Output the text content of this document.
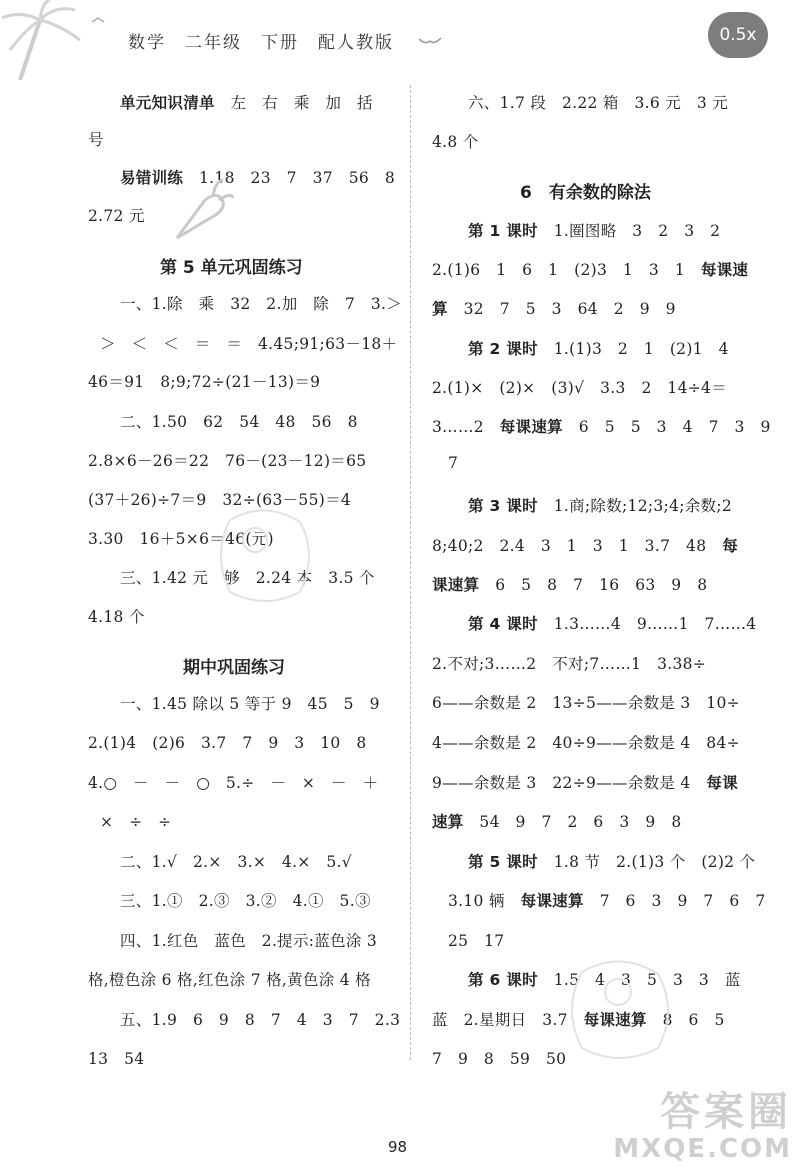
数学　二年级　下册　配人教版	0.5x
单元知识清单　 左　右　乘　加　括
号
易错训练　 1.18　23　7　37　56　8
2.72 元
第 5 单元巩固练习
一、1.除　乘　32　2.加　除　7　3.＞
＞　＜　＜　＝　＝　4.45;91;63－18＋
46＝91　8;9;72÷(21－13)＝9
二、1.50　62　54　48　56　8
2.8×6－26＝22　76－(23－12)＝65
(37＋26)÷7＝9　32÷(63－55)＝4
3.30　16＋5×6＝46(元)
三、1.42 元　够　2.24 本　3.5 个
4.18 个
期中巩固练习
一、1.45 除以 5 等于 9　45　5　9
2.(1)4　(2)6　3.7　7　9　3　10　8
4.○　－　－　○　5.÷　－　×　－　＋
×　÷　÷
二、1.√　2.×　3.×　4.×　5.√
三、1.①　2.③　3.②　4.①　5.③
四、1.红色　蓝色　2.提示:蓝色涂 3
格,橙色涂 6 格,红色涂 7 格,黄色涂 4 格
五、1.9　6　9　8　7　4　3　7　2.3
13　54
六、1.7 段　2.22 箱　3.6 元　3 元
4.8 个
6　有余数的除法
第 1 课时　 1.圈图略　3　2　3　2
2.(1)6　1　6　1　(2)3　1　3　1　 每课速
算　 32　7　5　3　64　2　9　9
第 2 课时　 1.(1)3　2　1　(2)1　4
2.(1)×　(2)×　(3)√　3.3　2　14÷4＝
3……2　 每课速算　 6　5　5　3　4　7　3　9
7
第 3 课时　 1.商;除数;12;3;4;余数;2
8;40;2　2.4　3　1　3　1　3.7　48　 每
课速算　 6　5　8　7　16　63　9　8
第 4 课时　 1.3……4　9……1　7……4
2.不对;3……2　不对;7……1　3.38÷
6——余数是 2　13÷5——余数是 3　10÷
4——余数是 2　40÷9——余数是 4　84÷
9——余数是 3　22÷9——余数是 4　 每课
速算　 54　9　7　2　6　3　9　8
第 5 课时　 1.8 节　2.(1)3 个　(2)2 个
3.10 辆　 每课速算　 7　6　3　9　7　6　7
25　17
第 6 课时　 1.5　4　3　5　3　3　蓝
蓝　2.星期日　3.7　 每课速算　 8　6　5
7　9　8　59　50
98
答案圈
MXQE.COM
